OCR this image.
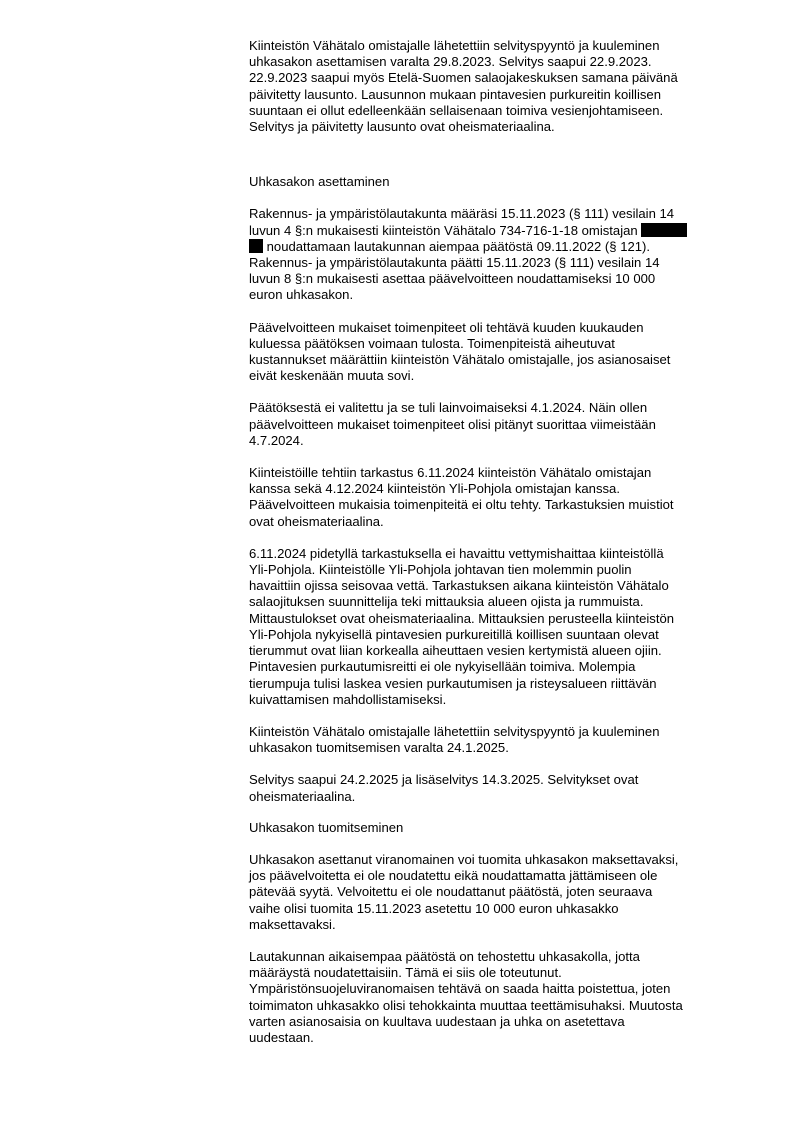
Kiinteistön Vähätalo omistajalle lähetettiin selvityspyyntö ja kuuleminen
uhkasakon asettamisen varalta 29.8.2023. Selvitys saapui 22.9.2023.
22.9.2023 saapui myös Etelä-Suomen salaojakeskuksen samana päivänä
päivitetty lausunto. Lausunnon mukaan pintavesien purkureitin koillisen
suuntaan ei ollut edelleenkään sellaisenaan toimiva vesienjohtamiseen.
Selvitys ja päivitetty lausunto ovat oheismateriaalina.
Uhkasakon asettaminen
Rakennus- ja ympäristölautakunta määräsi 15.11.2023 (§ 111) vesilain 14
luvun 4 §:n mukaisesti kiinteistön Vähätalo 734-716-1-18 omistajan
noudattamaan lautakunnan aiempaa päätöstä 09.11.2022 (§ 121).
Rakennus- ja ympäristölautakunta päätti 15.11.2023 (§ 111) vesilain 14
luvun 8 §:n mukaisesti asettaa päävelvoitteen noudattamiseksi 10 000
euron uhkasakon.
Päävelvoitteen mukaiset toimenpiteet oli tehtävä kuuden kuukauden
kuluessa päätöksen voimaan tulosta. Toimenpiteistä aiheutuvat
kustannukset määrättiin kiinteistön Vähätalo omistajalle, jos asianosaiset
eivät keskenään muuta sovi.
Päätöksestä ei valitettu ja se tuli lainvoimaiseksi 4.1.2024. Näin ollen
päävelvoitteen mukaiset toimenpiteet olisi pitänyt suorittaa viimeistään
4.7.2024.
Kiinteistöille tehtiin tarkastus 6.11.2024 kiinteistön Vähätalo omistajan
kanssa sekä 4.12.2024 kiinteistön Yli-Pohjola omistajan kanssa.
Päävelvoitteen mukaisia toimenpiteitä ei oltu tehty. Tarkastuksien muistiot
ovat oheismateriaalina.
6.11.2024 pidetyllä tarkastuksella ei havaittu vettymishaittaa kiinteistöllä
Yli-Pohjola. Kiinteistölle Yli-Pohjola johtavan tien molemmin puolin
havaittiin ojissa seisovaa vettä. Tarkastuksen aikana kiinteistön Vähätalo
salaojituksen suunnittelija teki mittauksia alueen ojista ja rummuista.
Mittaustulokset ovat oheismateriaalina. Mittauksien perusteella kiinteistön
Yli-Pohjola nykyisellä pintavesien purkureitillä koillisen suuntaan olevat
tierummut ovat liian korkealla aiheuttaen vesien kertymistä alueen ojiin.
Pintavesien purkautumisreitti ei ole nykyisellään toimiva. Molempia
tierumpuja tulisi laskea vesien purkautumisen ja risteysalueen riittävän
kuivattamisen mahdollistamiseksi.
Kiinteistön Vähätalo omistajalle lähetettiin selvityspyyntö ja kuuleminen
uhkasakon tuomitsemisen varalta 24.1.2025.
Selvitys saapui 24.2.2025 ja lisäselvitys 14.3.2025. Selvitykset ovat
oheismateriaalina.
Uhkasakon tuomitseminen
Uhkasakon asettanut viranomainen voi tuomita uhkasakon maksettavaksi,
jos päävelvoitetta ei ole noudatettu eikä noudattamatta jättämiseen ole
pätevää syytä. Velvoitettu ei ole noudattanut päätöstä, joten seuraava
vaihe olisi tuomita 15.11.2023 asetettu 10 000 euron uhkasakko
maksettavaksi.
Lautakunnan aikaisempaa päätöstä on tehostettu uhkasakolla, jotta
määräystä noudatettaisiin. Tämä ei siis ole toteutunut.
Ympäristönsuojeluviranomaisen tehtävä on saada haitta poistettua, joten
toimimaton uhkasakko olisi tehokkainta muuttaa teettämisuhaksi. Muutosta
varten asianosaisia on kuultava uudestaan ja uhka on asetettava
uudestaan.
